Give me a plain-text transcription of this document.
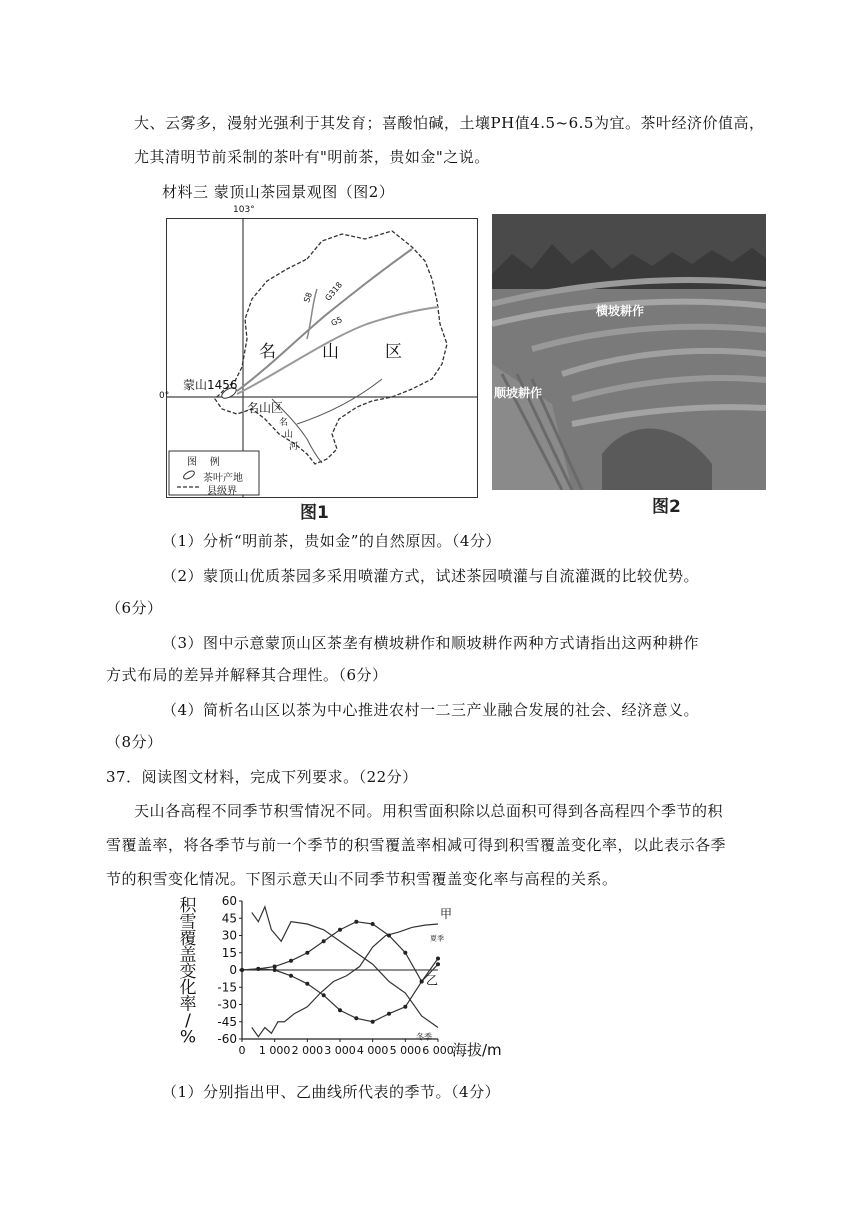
大、云雾多，漫射光强利于其发育；喜酸怕碱，土壤PH值4.5~6.5为宜。茶叶经济价值高，
尤其清明节前采制的茶叶有"明前茶，贵如金"之说。
材料三 蒙顶山茶园景观图（图2）
103°
0°
名	山	区
蒙山1456
名山区
名
山
河
S8 G318
G5
图    例
茶叶产地
县级界
图1
横坡耕作
顺坡耕作
图2
（1）分析“明前茶，贵如金”的自然原因。（4分）
（2）蒙顶山优质茶园多采用喷灌方式，试述茶园喷灌与自流灌溉的比较优势。
（6分）
（3）图中示意蒙顶山区茶垄有横坡耕作和顺坡耕作两种方式请指出这两种耕作
方式布局的差异并解释其合理性。（6分）
（4）简析名山区以茶为中心推进农村一二三产业融合发展的社会、经济意义。
（8分）
37．阅读图文材料，完成下列要求。（22分）
天山各高程不同季节积雪情况不同。用积雪面积除以总面积可得到各高程四个季节的积
雪覆盖率，将各季节与前一个季节的积雪覆盖率相减可得到积雪覆盖变化率，以此表示各季
节的积雪变化情况。下图示意天山不同季节积雪覆盖变化率与高程的关系。
60
45
30
15
0
-15
-30
-45
-60
0 1 000 2 000 3 000 4 000 5 000 6 000
海拔/m
积
雪
覆
盖
变
化
率
/
%
甲
乙
夏季
冬季
（1）分别指出甲、乙曲线所代表的季节。（4分）
